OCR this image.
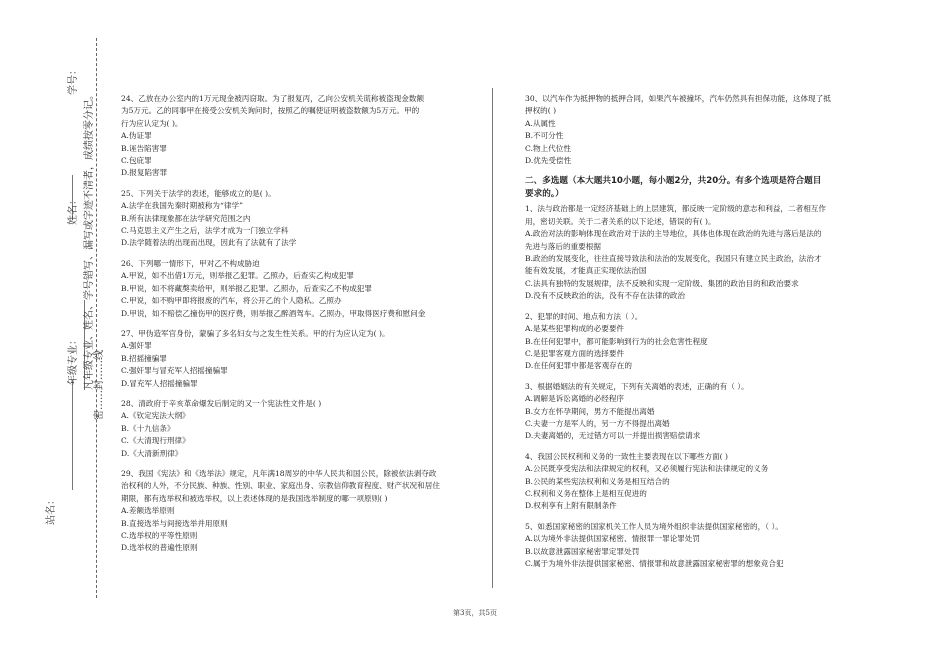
站名：
年级专业： 凡年级专业、姓名、学号错写、漏写或字迹不清者，成绩按零分记。
姓名：
密……封……线
学号：

24、乙放在办公室内的1万元现金被丙窃取。为了报复丙，乙向公安机关谎称被盗现金数额

为5万元。乙的同事甲在接受公安机关询问时，按照乙的嘱使证明被盗数额为5万元。甲的

行为应认定为( )。

A.伪证罪

B.诬告陷害罪

C.包庇罪

D.报复陷害罪

25、下列关于法学的表述，能够成立的是( )。

A.法学在我国先秦时期被称为“律学”

B.所有法律现象都在法学研究范围之内

C.马克思主义产生之后，法学才成为一门独立学科

D.法学随着法的出现而出现，因此有了法就有了法学

26、下列哪一情形下，甲对乙不构成胁迫

A.甲说，如不出借1万元，则举报乙犯罪。乙照办，后查实乙构成犯罪

B.甲说，如不将藏獒卖给甲，则举报乙犯罪。乙照办，后查实乙不构成犯罪

C.甲说，如不购甲即将报废的汽车，将公开乙的个人隐私。乙照办

D.甲说，如不赔偿乙撞伤甲的医疗费，则举报乙醉酒驾车。乙照办，甲取得医疗费和慰问金

27、甲伪造军官身份，蒙骗了多名妇女与之发生性关系。甲的行为应认定为( )。

A.强奸罪

B.招摇撞骗罪

C.强奸罪与冒充军人招摇撞骗罪

D.冒充军人招摇撞骗罪

28、清政府于辛亥革命爆发后制定的又一个宪法性文件是( )

A.《钦定宪法大纲》

B.《十九信条》

C.《大清现行刑律》

D.《大清新刑律》

29、我国《宪法》和《选举法》规定，凡年满18周岁的中华人民共和国公民，除被依法剥夺政

治权利的人外，不分民族、种族、性别、职业、家庭出身、宗教信仰教育程度、财产状况和居住

期限，都有选举权和被选举权，以上表述体现的是我国选举制度的哪一项原则( )

A.差额选举原则

B.直接选举与间接选举并用原则

C.选举权的平等性原则

D.选举权的普遍性原则

30、以汽车作为抵押物的抵押合同，如果汽车被撞坏，汽车仍然具有担保功能，这体现了抵

押权的( )

A.从属性

B.不可分性

C.物上代位性

D.优先受偿性

二、多选题（本大题共10小题，每小题2分，共20分。有多个选项是符合题目
要求的。）

1、法与政治都是一定经济基础上的上层建筑，都反映一定阶级的意志和利益，二者相互作

用，密切关联。关于二者关系的以下论述，错误的有( )。

A.政治对法的影响体现在政治对于法的主导地位，具体也体现在政治的先进与落后是法的

先进与落后的重要根据

B.政治的发展变化，往往直接导致法和法治的发展变化，我国只有建立民主政治，法治才

能有效发展，才能真正实现依法治国

C.法具有独特的发展规律，法不反映和实现一定阶级、集团的政治目的和政治要求

D.没有不反映政治的法，没有不存在法律的政治

2、犯罪的时间、地点和方法（ ）。

A.是某些犯罪构成的必要要件

B.在任何犯罪中，都可能影响到行为的社会危害性程度

C.是犯罪客观方面的选择要件

D.在任何犯罪中都是客观存在的

3、根据婚姻法的有关规定，下列有关离婚的表述，正确的有（ ）。

A.调解是诉讼离婚的必经程序

B.女方在怀孕期间，男方不能提出离婚

C.夫妻一方是军人的，另一方不得提出离婚

D.夫妻离婚的，无过错方可以一并提出损害赔偿请求

4、我国公民权利和义务的一致性主要表现在以下哪些方面( )

A.公民既享受宪法和法律规定的权利，又必须履行宪法和法律规定的义务

B.公民的某些宪法权利和义务是相互结合的

C.权利和义务在整体上是相互促进的

D.权利享有上附有限制条件

5、如悉国家秘密的国家机关工作人员为境外组织非法提供国家秘密的，（ ）。

A.以为境外非法提供国家秘密、情报罪一罪论罪处罚

B.以故意泄露国家秘密罪定罪处罚

C.属于为境外非法提供国家秘密、情报罪和故意泄露国家秘密罪的想象竞合犯

第3页，共5页
